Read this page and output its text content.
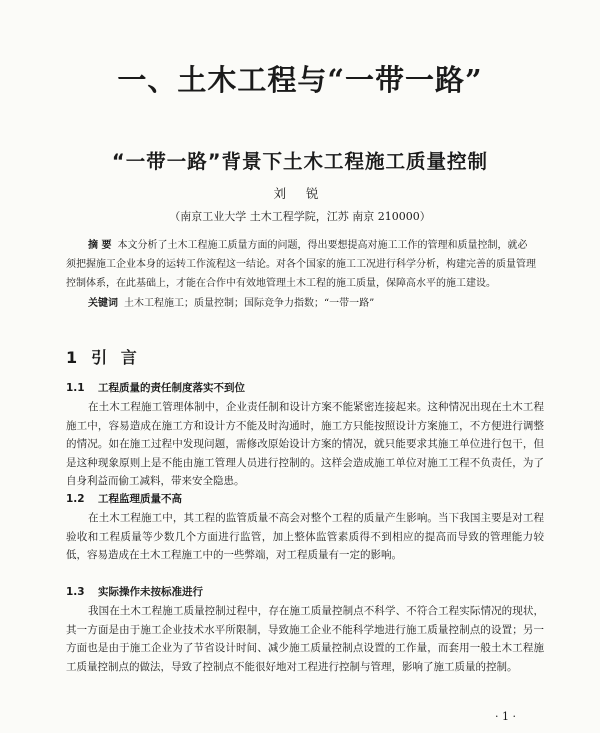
一、土木工程与“一带一路”
“一带一路”背景下土木工程施工质量控制
刘 锐
（南京工业大学 土木工程学院，江苏 南京 210000）

摘 要 本文分析了土木工程施工质量方面的问题，得出要想提高对施工工作的管理和质量控制，就必须把握施工企业本身的运转工作流程这一结论。对各个国家的施工工况进行科学分析，构建完善的质量管理控制体系，在此基础上，才能在合作中有效地管理土木工程的施工质量，保障高水平的施工建设。

关键词 土木工程施工；质量控制；国际竞争力指数；“一带一路”

1 引 言
1.1 工程质量的责任制度落实不到位

在土木工程施工管理体制中，企业责任制和设计方案不能紧密连接起来。这种情况出现在土木工程施工中，容易造成在施工方和设计方不能及时沟通时，施工方只能按照设计方案施工，不方便进行调整的情况。如在施工过程中发现问题，需修改原始设计方案的情况，就只能要求其施工单位进行包干，但是这种现象原则上是不能由施工管理人员进行控制的。这样会造成施工单位对施工工程不负责任，为了自身利益而偷工减料，带来安全隐患。

1.2 工程监理质量不高

在土木工程施工中，其工程的监管质量不高会对整个工程的质量产生影响。当下我国主要是对工程验收和工程质量等少数几个方面进行监管，加上整体监管素质得不到相应的提高而导致的管理能力较低，容易造成在土木工程施工中的一些弊端，对工程质量有一定的影响。

1.3 实际操作未按标准进行

我国在土木工程施工质量控制过程中，存在施工质量控制点不科学、不符合工程实际情况的现状，其一方面是由于施工企业技术水平所限制，导致施工企业不能科学地进行施工质量控制点的设置；另一方面也是由于施工企业为了节省设计时间、减少施工质量控制点设置的工作量，而套用一般土木工程施工质量控制点的做法，导致了控制点不能很好地对工程进行控制与管理，影响了施工质量的控制。

· 1 ·
